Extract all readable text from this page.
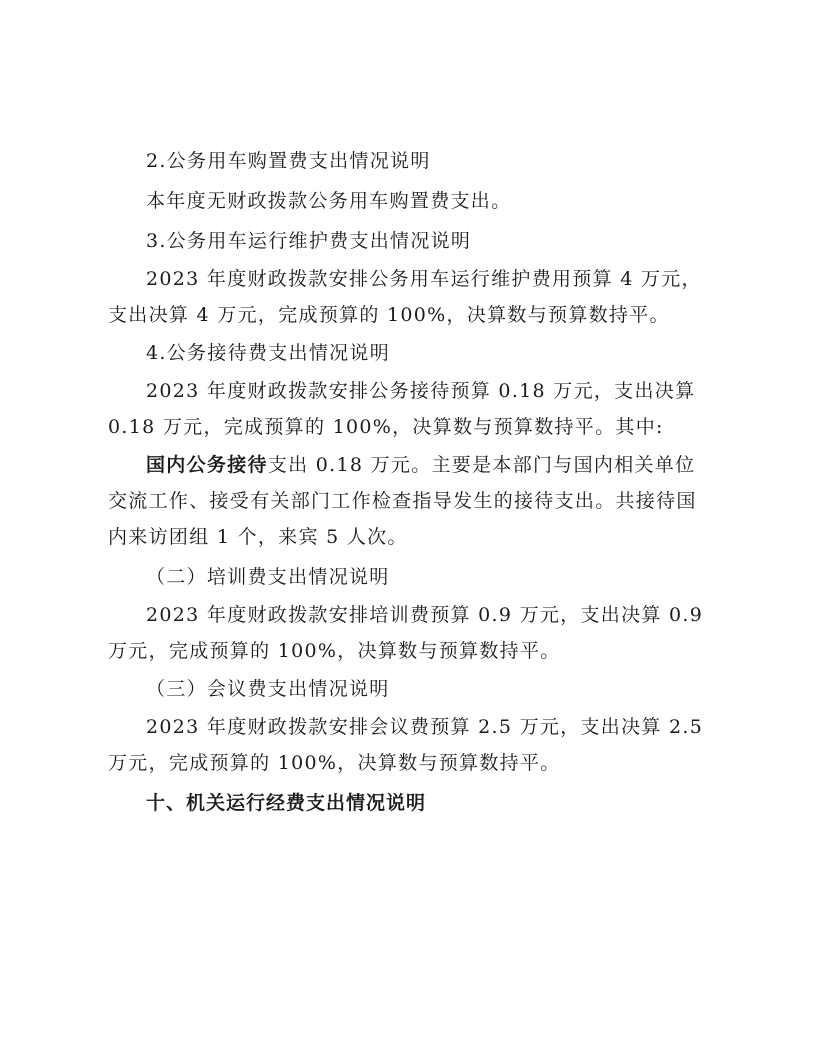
2.公务用车购置费支出情况说明
本年度无财政拨款公务用车购置费支出。
3.公务用车运行维护费支出情况说明
2023 年度财政拨款安排公务用车运行维护费用预算 4 万元，
支出决算 4 万元，完成预算的 100%，决算数与预算数持平。
4.公务接待费支出情况说明
2023 年度财政拨款安排公务接待预算 0.18 万元，支出决算
0.18 万元，完成预算的 100%，决算数与预算数持平。其中:
国内公务接待支出 0.18 万元。主要是本部门与国内相关单位
交流工作、接受有关部门工作检查指导发生的接待支出。共接待国
内来访团组 1 个，来宾 5 人次。
（二）培训费支出情况说明
2023 年度财政拨款安排培训费预算 0.9 万元，支出决算 0.9
万元，完成预算的 100%，决算数与预算数持平。
（三）会议费支出情况说明
2023 年度财政拨款安排会议费预算 2.5 万元，支出决算 2.5
万元，完成预算的 100%，决算数与预算数持平。
十、机关运行经费支出情况说明
